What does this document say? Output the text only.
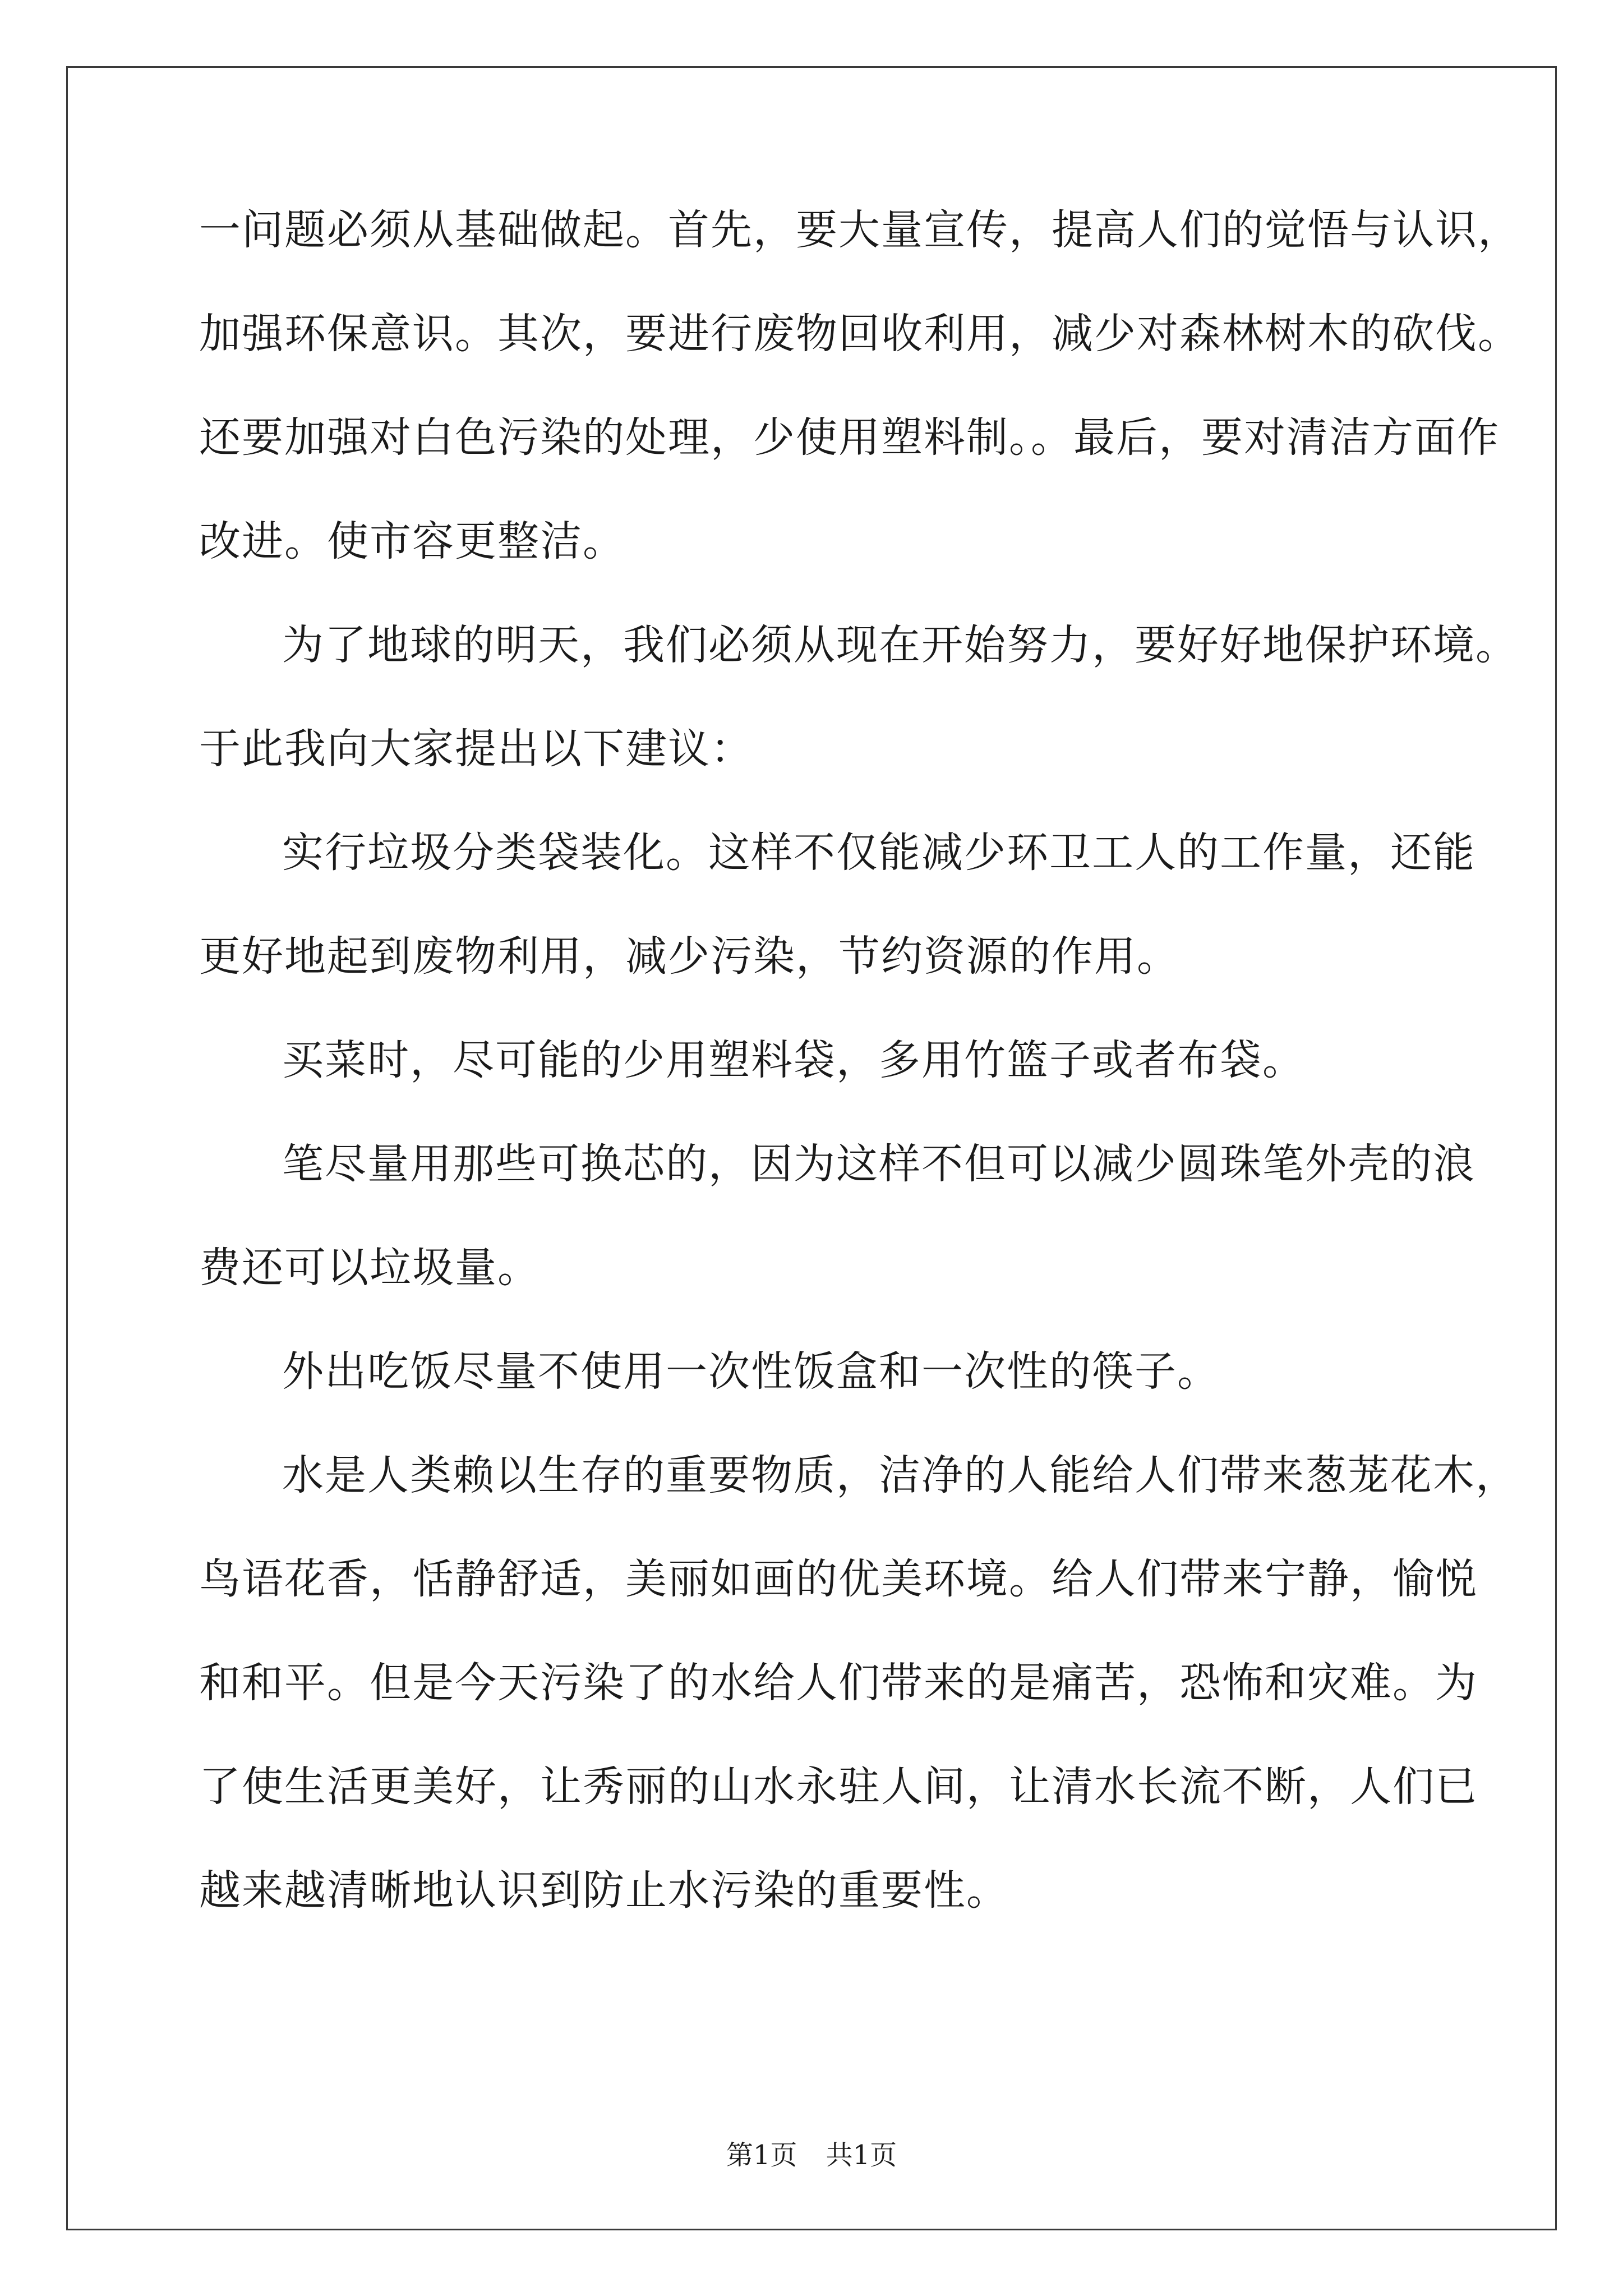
一问题必须从基础做起。首先，要大量宣传，提高人们的觉悟与认识，
加强环保意识。其次，要进行废物回收利用，减少对森林树木的砍伐。
还要加强对白色污染的处理，少使用塑料制。。最后，要对清洁方面作
改进。使市容更整洁。
为了地球的明天，我们必须从现在开始努力，要好好地保护环境。
于此我向大家提出以下建议：
实行垃圾分类袋装化。这样不仅能减少环卫工人的工作量，还能
更好地起到废物利用，减少污染，节约资源的作用。
买菜时，尽可能的少用塑料袋，多用竹篮子或者布袋。
笔尽量用那些可换芯的，因为这样不但可以减少圆珠笔外壳的浪
费还可以垃圾量。
外出吃饭尽量不使用一次性饭盒和一次性的筷子。
水是人类赖以生存的重要物质，洁净的人能给人们带来葱茏花木，
鸟语花香，恬静舒适，美丽如画的优美环境。给人们带来宁静，愉悦
和和平。但是今天污染了的水给人们带来的是痛苦，恐怖和灾难。为
了使生活更美好，让秀丽的山水永驻人间，让清水长流不断，人们已
越来越清晰地认识到防止水污染的重要性。
第1页 共1页
